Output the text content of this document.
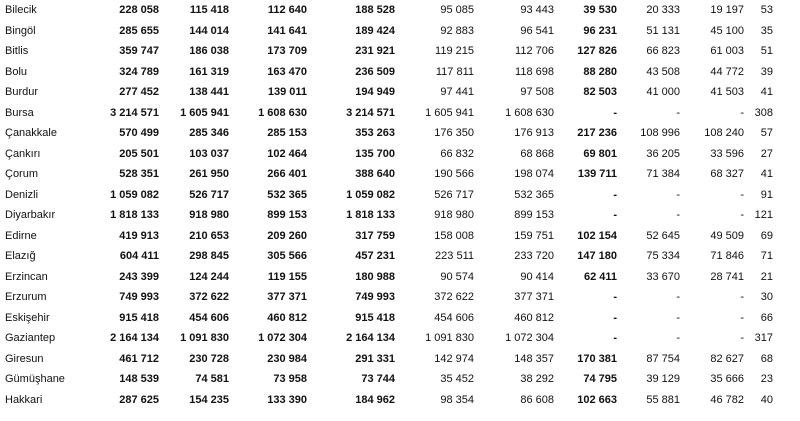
Bilecik	228 058	115 418	112 640	188 528	95 085	93 443	39 530	20 333	19 197	53
Bingöl	285 655	144 014	141 641	189 424	92 883	96 541	96 231	51 131	45 100	35
Bitlis	359 747	186 038	173 709	231 921	119 215	112 706	127 826	66 823	61 003	51
Bolu	324 789	161 319	163 470	236 509	117 811	118 698	88 280	43 508	44 772	39
Burdur	277 452	138 441	139 011	194 949	97 441	97 508	82 503	41 000	41 503	41
Bursa	3 214 571	1 605 941	1 608 630	3 214 571	1 605 941	1 608 630	-	-	-	308
Çanakkale	570 499	285 346	285 153	353 263	176 350	176 913	217 236	108 996	108 240	57
Çankırı	205 501	103 037	102 464	135 700	66 832	68 868	69 801	36 205	33 596	27
Çorum	528 351	261 950	266 401	388 640	190 566	198 074	139 711	71 384	68 327	41
Denizli	1 059 082	526 717	532 365	1 059 082	526 717	532 365	-	-	-	91
Diyarbakır	1 818 133	918 980	899 153	1 818 133	918 980	899 153	-	-	-	121
Edirne	419 913	210 653	209 260	317 759	158 008	159 751	102 154	52 645	49 509	69
Elazığ	604 411	298 845	305 566	457 231	223 511	233 720	147 180	75 334	71 846	71
Erzincan	243 399	124 244	119 155	180 988	90 574	90 414	62 411	33 670	28 741	21
Erzurum	749 993	372 622	377 371	749 993	372 622	377 371	-	-	-	30
Eskişehir	915 418	454 606	460 812	915 418	454 606	460 812	-	-	-	66
Gaziantep	2 164 134	1 091 830	1 072 304	2 164 134	1 091 830	1 072 304	-	-	-	317
Giresun	461 712	230 728	230 984	291 331	142 974	148 357	170 381	87 754	82 627	68
Gümüşhane	148 539	74 581	73 958	73 744	35 452	38 292	74 795	39 129	35 666	23
Hakkari	287 625	154 235	133 390	184 962	98 354	86 608	102 663	55 881	46 782	40
